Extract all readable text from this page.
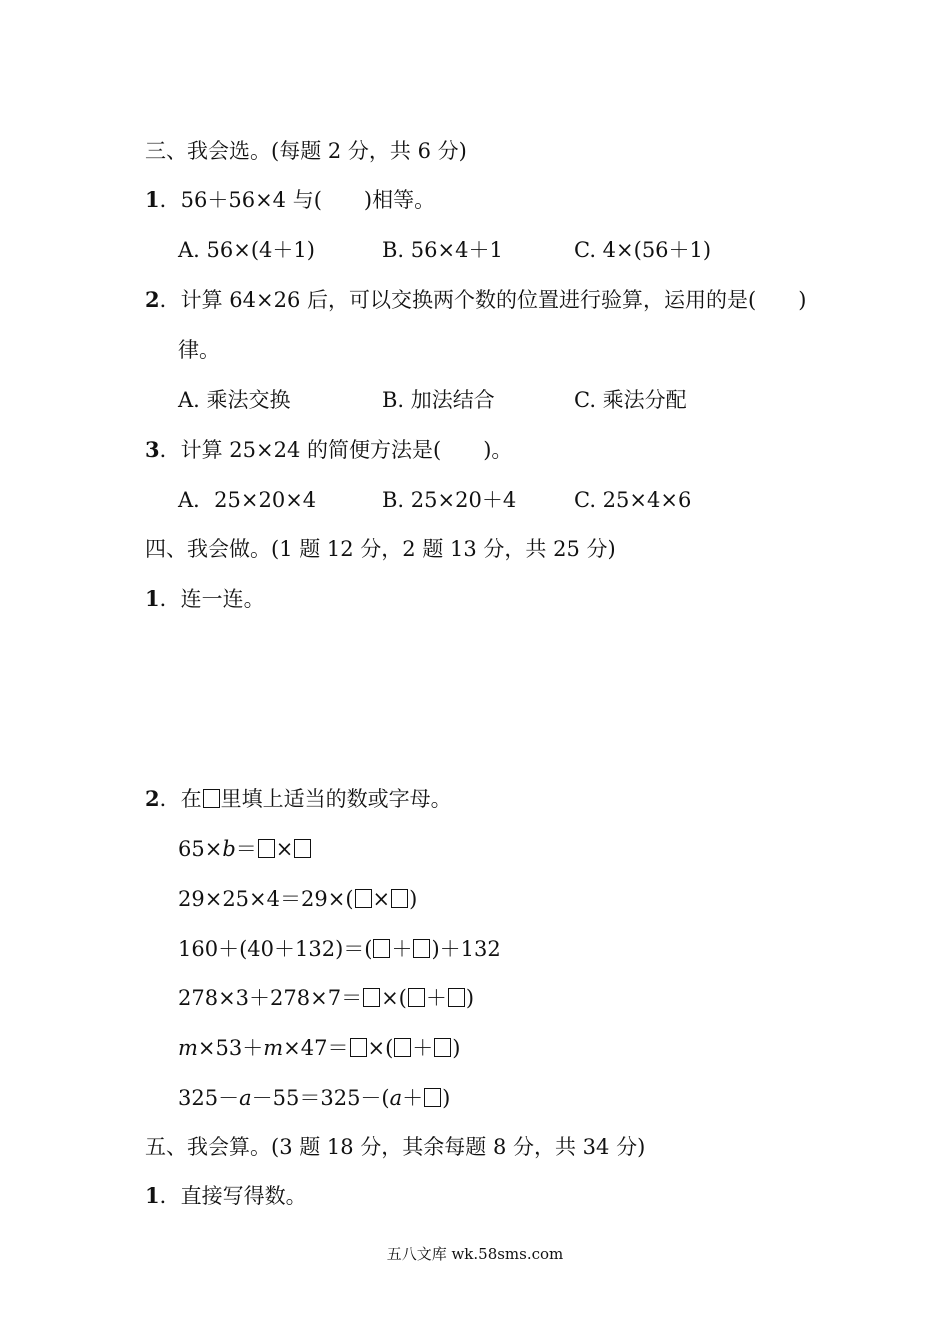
三、我会选。(每题 2 分，共 6 分)
1．56＋56×4 与(　　)相等。
A. 56×(4＋1)	B. 56×4＋1	C. 4×(56＋1)
2．计算 64×26 后，可以交换两个数的位置进行验算，运用的是(　　)
律。
A. 乘法交换	B. 加法结合	C. 乘法分配
3．计算 25×24 的简便方法是(　　)。
A．25×20×4	B. 25×20＋4	C. 25×4×6
四、我会做。(1 题 12 分，2 题 13 分，共 25 分)
1．连一连。
2．在 里填上适当的数或字母。
65×b＝ ×
29×25×4＝29×( × )
160＋(40＋132)＝( ＋ )＋132
278×3＋278×7＝ ×( ＋ )
m×53＋m×47＝ ×( ＋ )
325－a－55＝325－(a＋ )
五、我会算。(3 题 18 分，其余每题 8 分，共 34 分)
1．直接写得数。
五八文库 wk.58sms.com
